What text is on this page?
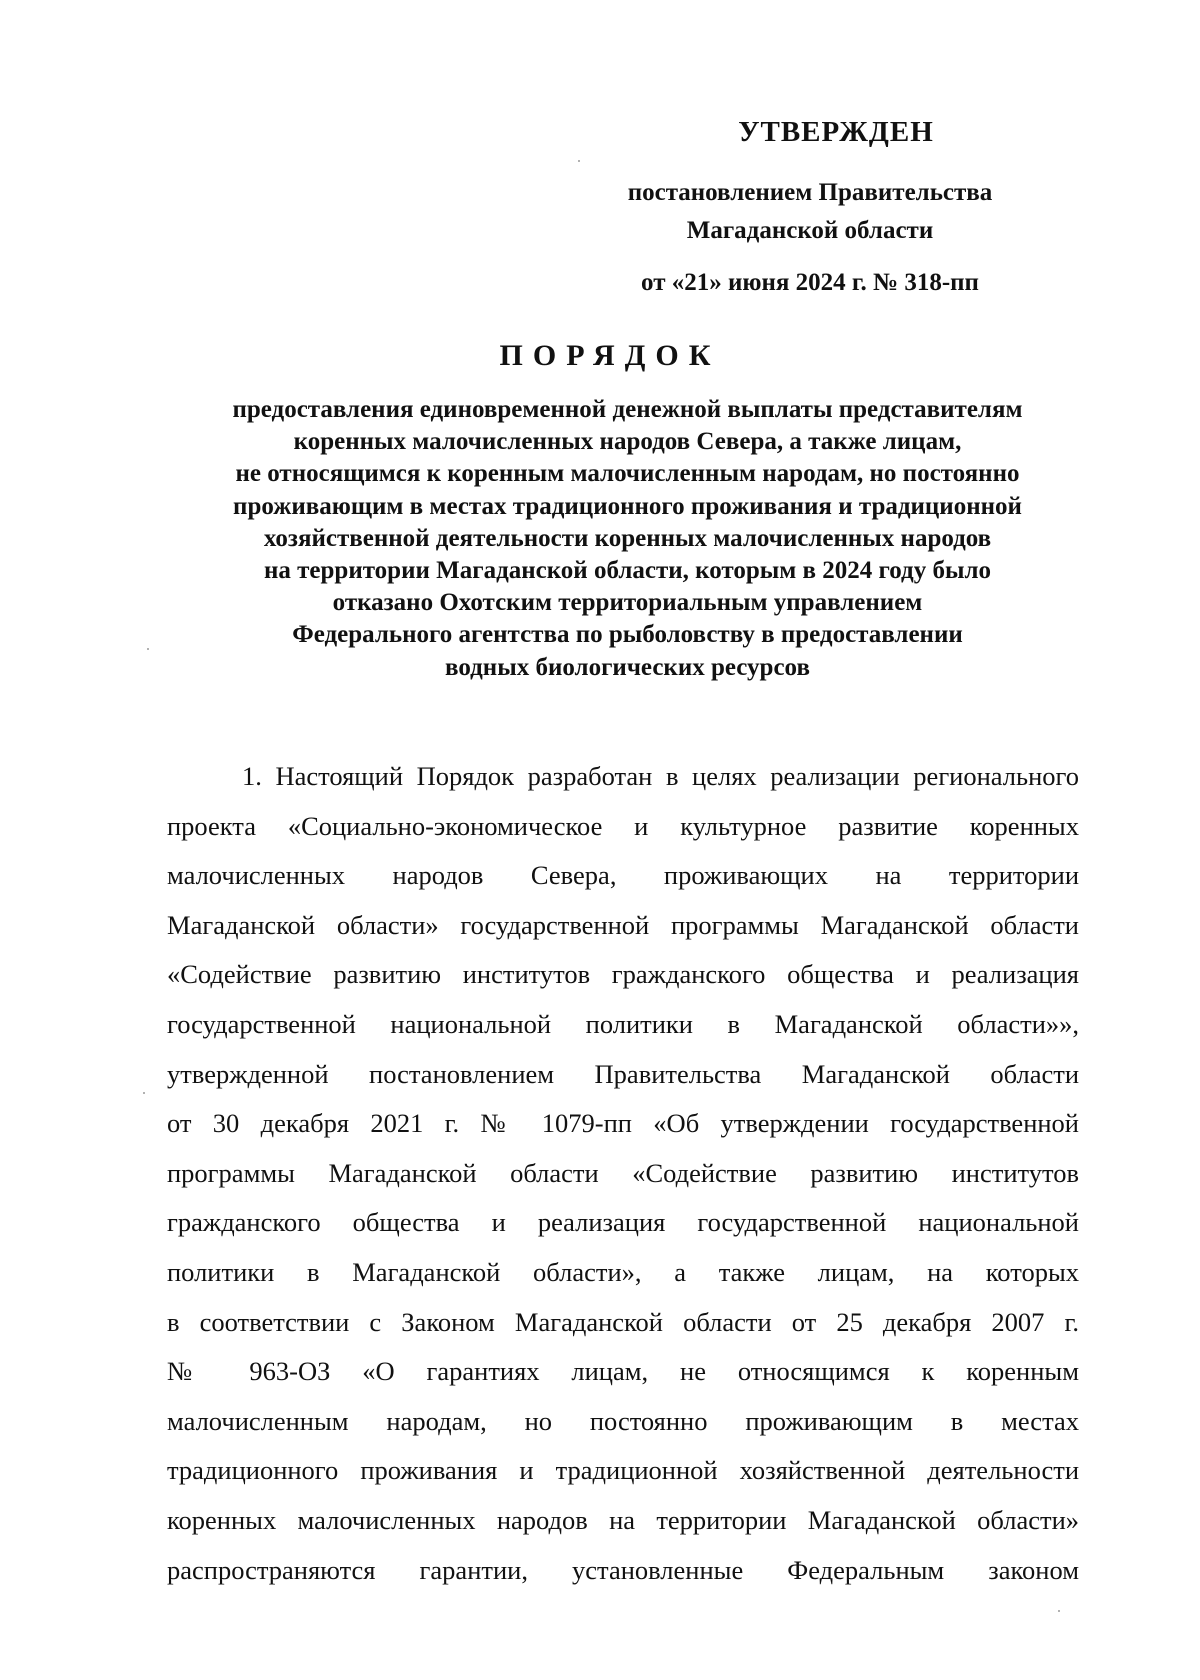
УТВЕРЖДЕН
постановлением Правительства
Магаданской области
от «21» июня 2024 г. № 318-пп
ПОРЯДОК
предоставления единовременной денежной выплаты представителям
коренных малочисленных народов Севера, а также лицам,
не относящимся к коренным малочисленным народам, но постоянно
проживающим в местах традиционного проживания и традиционной
хозяйственной деятельности коренных малочисленных народов
на территории Магаданской области, которым в 2024 году было
отказано Охотским территориальным управлением
Федерального агентства по рыболовству в предоставлении
водных биологических ресурсов
1. Настоящий Порядок разработан в целях реализации регионального
проекта «Социально-экономическое и культурное развитие коренных
малочисленных народов Севера, проживающих на территории
Магаданской области» государственной программы Магаданской области
«Содействие развитию институтов гражданского общества и реализация
государственной национальной политики в Магаданской области»»,
утвержденной постановлением Правительства Магаданской области
от 30 декабря 2021 г. № 1079-пп «Об утверждении государственной
программы Магаданской области «Содействие развитию институтов
гражданского общества и реализация государственной национальной
политики в Магаданской области», а также лицам, на которых
в соответствии с Законом Магаданской области от 25 декабря 2007 г.
№ 963-ОЗ «О гарантиях лицам, не относящимся к коренным
малочисленным народам, но постоянно проживающим в местах
традиционного проживания и традиционной хозяйственной деятельности
коренных малочисленных народов на территории Магаданской области»
распространяются гарантии, установленные Федеральным законом
